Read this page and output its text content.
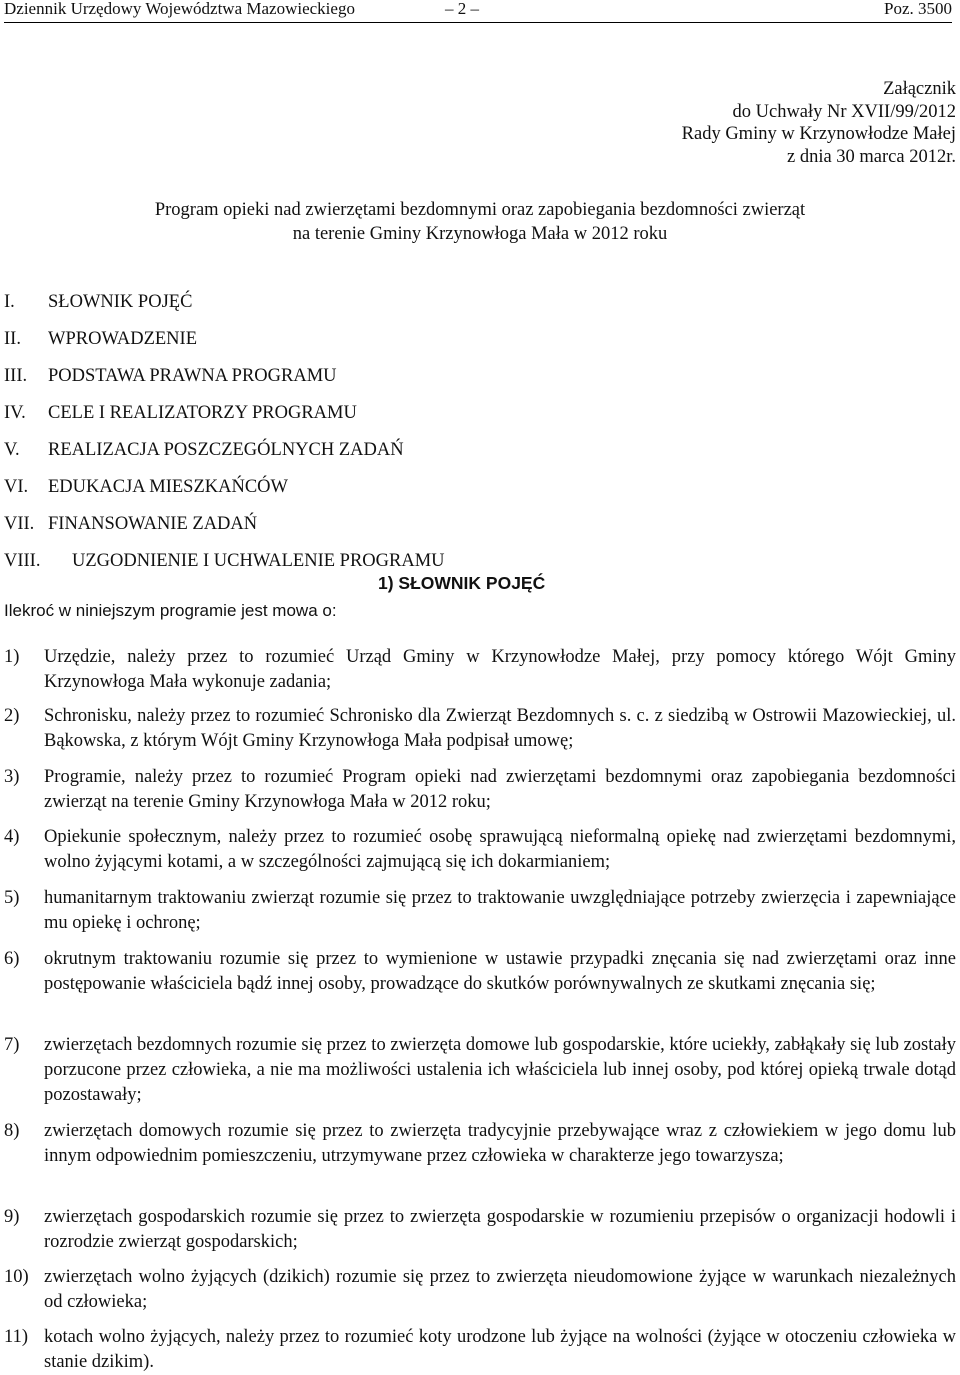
Dziennik Urzędowy Województwa Mazowieckiego	– 2 –	Poz. 3500
Załącznik
do Uchwały Nr XVII/99/2012
Rady Gminy w Krzynowłodze Małej
z dnia 30 marca 2012r.
Program opieki nad zwierzętami bezdomnymi oraz zapobiegania bezdomności zwierząt
na terenie Gminy Krzynowłoga Mała w 2012 roku
I. SŁOWNIK POJĘĆ
II. WPROWADZENIE
III. PODSTAWA PRAWNA PROGRAMU
IV. CELE I REALIZATORZY PROGRAMU
V. REALIZACJA POSZCZEGÓLNYCH ZADAŃ
VI. EDUKACJA MIESZKAŃCÓW
VII. FINANSOWANIE ZADAŃ
VIII. UZGODNIENIE I UCHWALENIE PROGRAMU
1) SŁOWNIK POJĘĆ
Ilekroć w niniejszym programie jest mowa o:
1) Urzędzie, należy przez to rozumieć Urząd Gminy w Krzynowłodze Małej, przy pomocy którego Wójt Gminy Krzynowłoga Mała wykonuje zadania;
2) Schronisku, należy przez to rozumieć Schronisko dla Zwierząt Bezdomnych s. c. z siedzibą w Ostrowii Mazowieckiej, ul. Bąkowska, z którym Wójt Gminy Krzynowłoga Mała podpisał umowę;
3) Programie, należy przez to rozumieć Program opieki nad zwierzętami bezdomnymi oraz zapobiegania bezdomności zwierząt na terenie Gminy Krzynowłoga Mała w 2012 roku;
4) Opiekunie społecznym, należy przez to rozumieć osobę sprawującą nieformalną opiekę nad zwierzętami bezdomnymi, wolno żyjącymi kotami, a w szczególności zajmującą się ich dokarmianiem;
5) humanitarnym traktowaniu zwierząt rozumie się przez to traktowanie uwzględniające potrzeby zwierzęcia i zapewniające mu opiekę i ochronę;
6) okrutnym traktowaniu rozumie się przez to wymienione w ustawie przypadki znęcania się nad zwierzętami oraz inne postępowanie właściciela bądź innej osoby, prowadzące do skutków porównywalnych ze skutkami znęcania się;
7) zwierzętach bezdomnych rozumie się przez to zwierzęta domowe lub gospodarskie, które uciekły, zabłąkały się lub zostały porzucone przez człowieka, a nie ma możliwości ustalenia ich właściciela lub innej osoby, pod której opieką trwale dotąd pozostawały;
8) zwierzętach domowych rozumie się przez to zwierzęta tradycyjnie przebywające wraz z człowiekiem w jego domu lub innym odpowiednim pomieszczeniu, utrzymywane przez człowieka w charakterze jego towarzysza;
9) zwierzętach gospodarskich rozumie się przez to zwierzęta gospodarskie w rozumieniu przepisów o organizacji hodowli i rozrodzie zwierząt gospodarskich;
10) zwierzętach wolno żyjących (dzikich) rozumie się przez to zwierzęta nieudomowione żyjące w warunkach niezależnych od człowieka;
11) kotach wolno żyjących, należy przez to rozumieć koty urodzone lub żyjące na wolności (żyjące w otoczeniu człowieka w stanie dzikim).
